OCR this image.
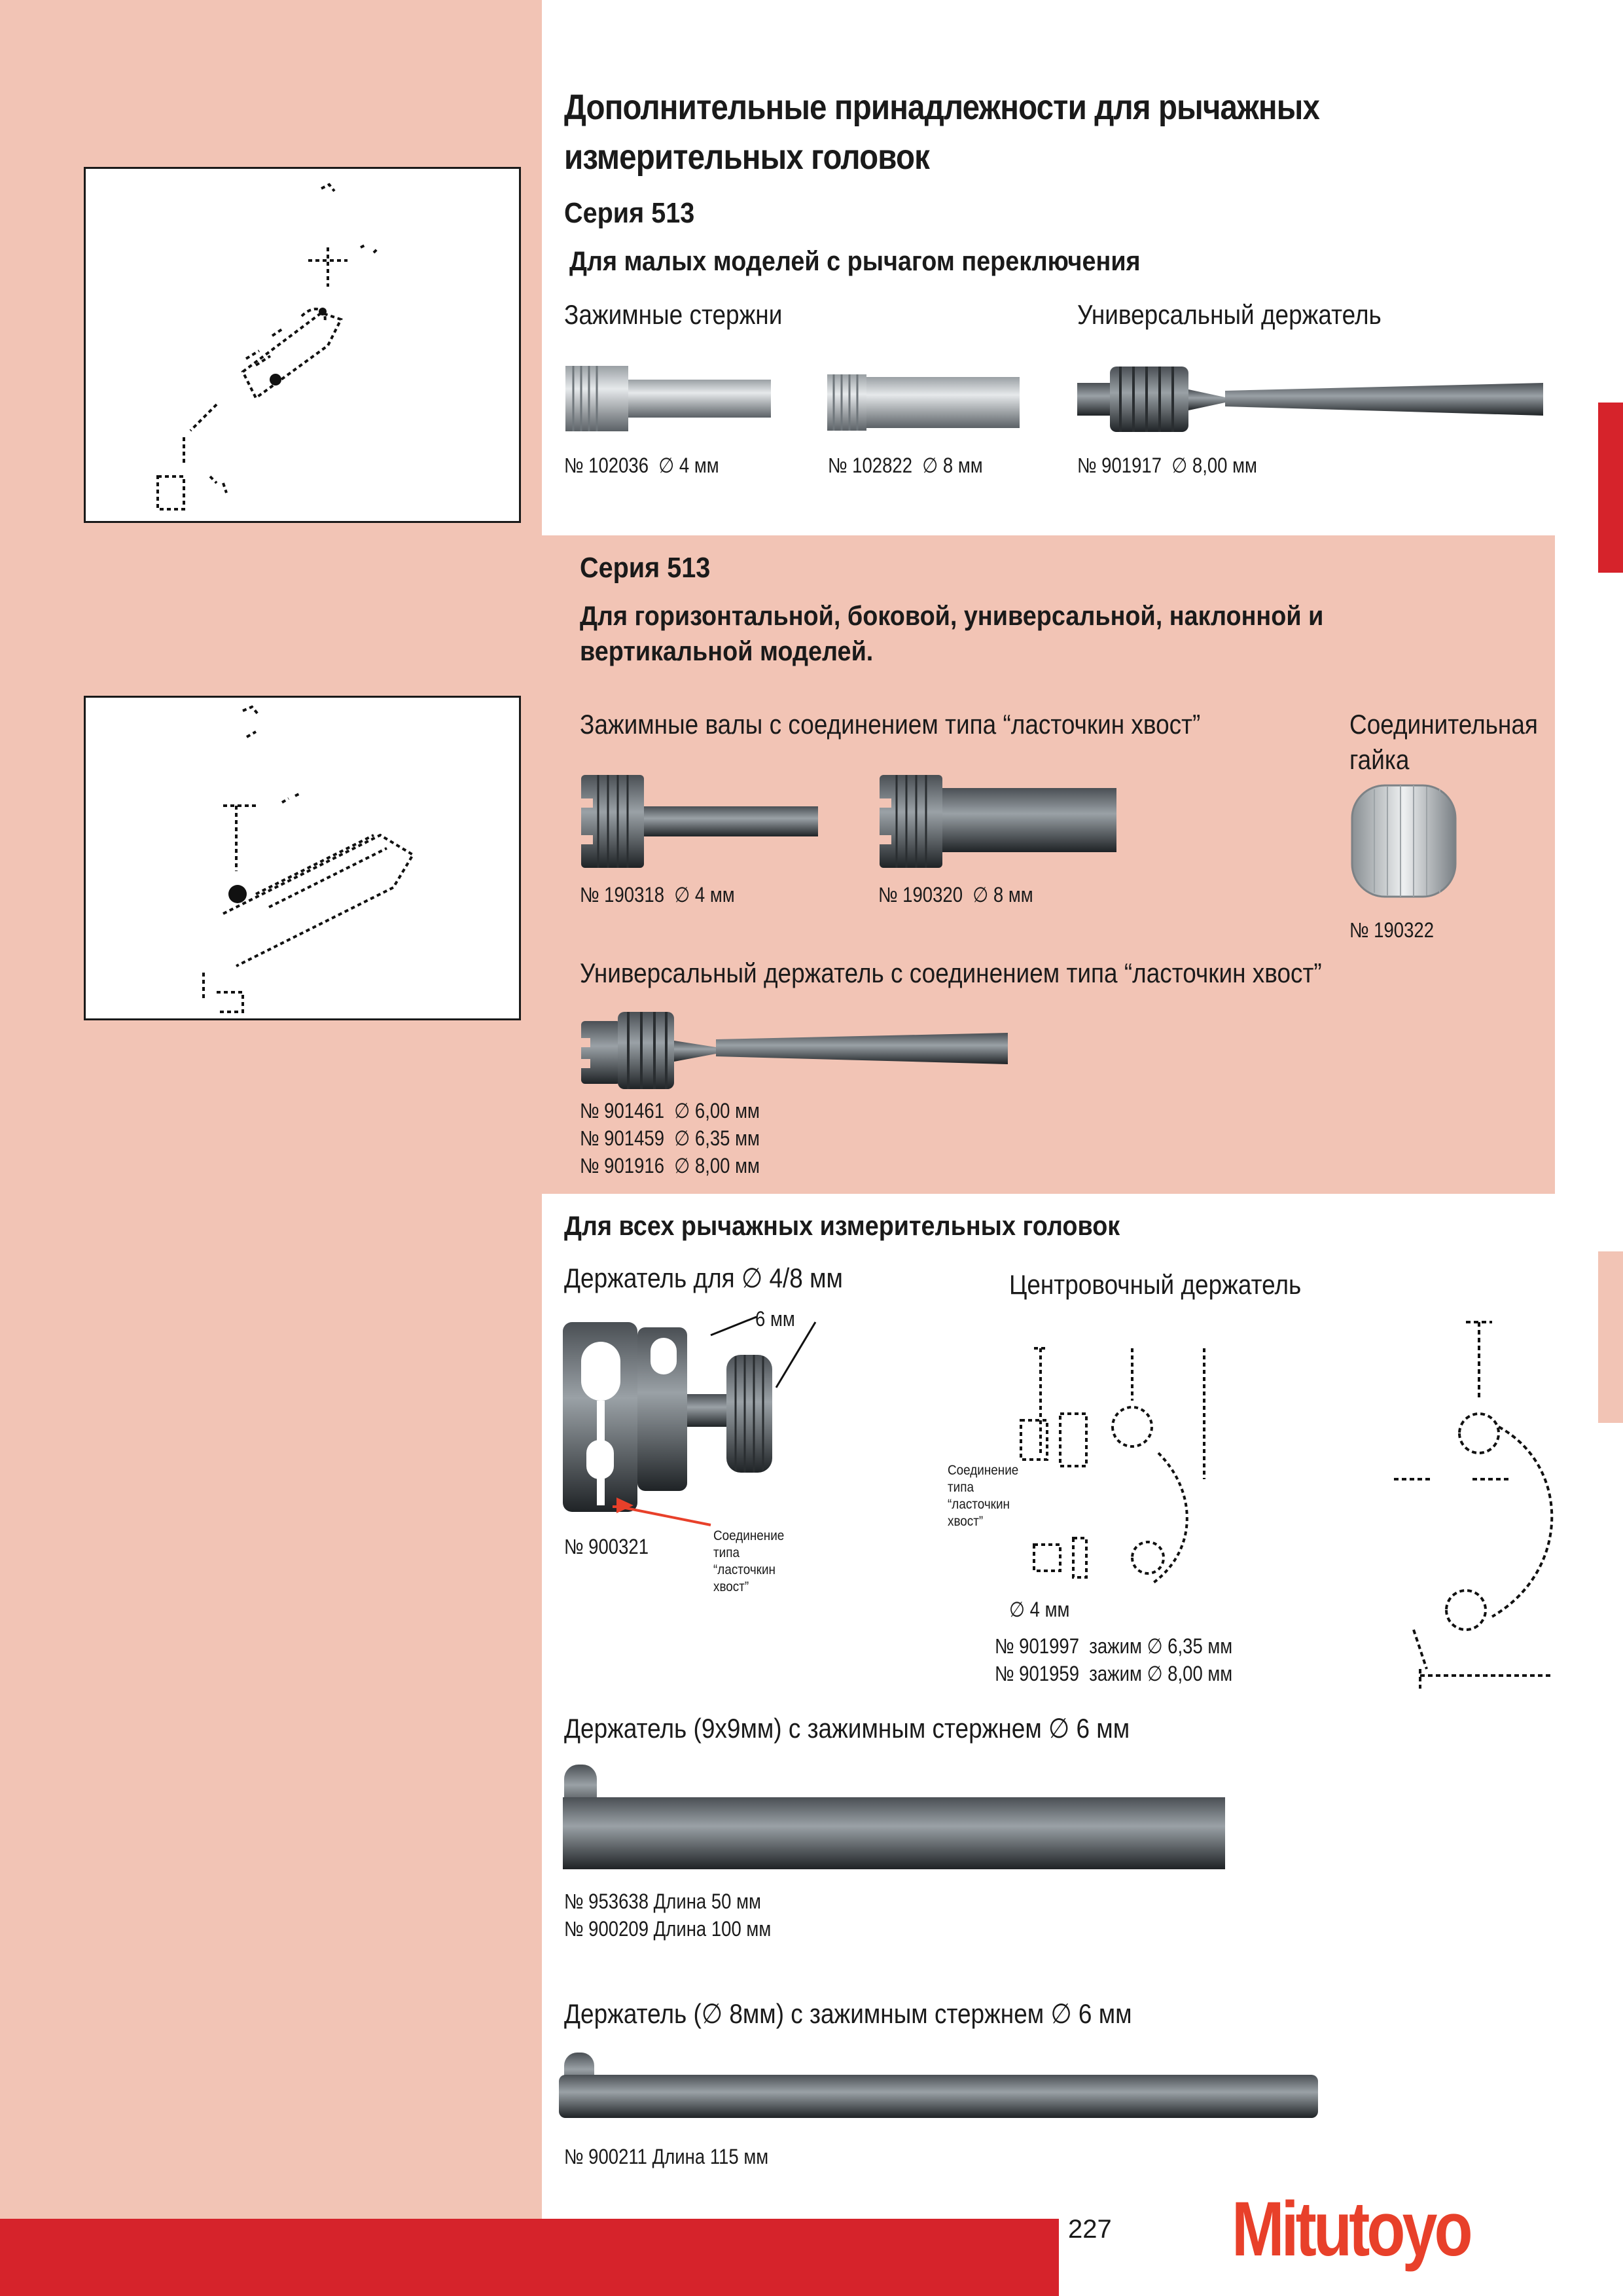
Дополнительные принадлежности для рычажных
измерительных головок
Серия 513
Для малых моделей с рычагом переключения
Зажимные стержни	Универсальный держатель
№ 102036 ∅ 4 мм	№ 102822 ∅ 8 мм	№ 901917 ∅ 8,00 мм
Серия 513
Для горизонтальной, боковой, универсальной, наклонной и
вертикальной моделей.
Зажимные валы с соединением типа “ласточкин хвост”	Соединительная
гайка
№ 190318 ∅ 4 мм	№ 190320 ∅ 8 мм
№ 190322
Универсальный держатель с соединением типа “ласточкин хвост”
№ 901461 ∅ 6,00 мм
№ 901459 ∅ 6,35 мм
№ 901916 ∅ 8,00 мм
Для всех рычажных измерительных головок
Держатель для ∅ 4/8 мм
6 мм
№ 900321	Соединение
типа
“ласточкин
хвост”
Центровочный держатель
Соединение
типа
“ласточкин
хвост”
∅ 4 мм
№ 901997 зажим ∅ 6,35 мм
№ 901959 зажим ∅ 8,00 мм
Держатель (9x9мм) с зажимным стержнем ∅ 6 мм
№ 953638 Длина 50 мм
№ 900209 Длина 100 мм
Держатель (∅ 8мм) с зажимным стержнем ∅ 6 мм
№ 900211 Длина 115 мм
227 Mitutoyo
